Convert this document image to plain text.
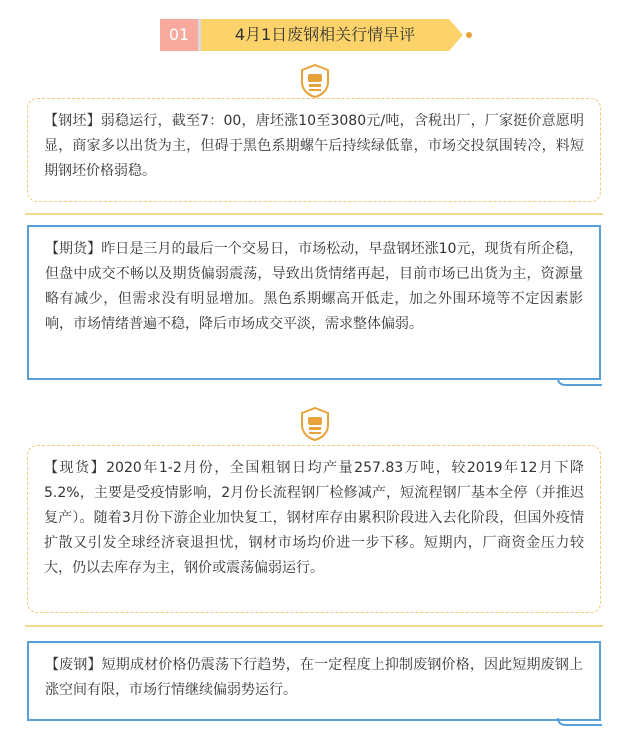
01	4月1日废钢相关行情早评

【钢坯】弱稳运行，截至7：00，唐坯涨10至3080元/吨，含税出厂，厂家挺价意愿明显，商家多以出货为主，但碍于黑色系期螺午后持续绿低靠，市场交投氛围转冷，料短期钢坯价格弱稳。

【期货】昨日是三月的最后一个交易日，市场松动，早盘钢坯涨10元，现货有所企稳，但盘中成交不畅以及期货偏弱震荡，导致出货情绪再起，目前市场已出货为主，资源量略有减少，但需求没有明显增加。黑色系期螺高开低走，加之外围环境等不定因素影响，市场情绪普遍不稳，降后市场成交平淡，需求整体偏弱。

【现货】2020年1-2月份，全国粗钢日均产量257.83万吨，较2019年12月下降5.2%，主要是受疫情影响，2月份长流程钢厂检修减产，短流程钢厂基本全停（并推迟复产）。随着3月份下游企业加快复工，钢材库存由累积阶段进入去化阶段，但国外疫情扩散又引发全球经济衰退担忧，钢材市场均价进一步下移。短期内，厂商资金压力较大，仍以去库存为主，钢价或震荡偏弱运行。

【废钢】短期成材价格仍震荡下行趋势，在一定程度上抑制废钢价格，因此短期废钢上涨空间有限，市场行情继续偏弱势运行。
